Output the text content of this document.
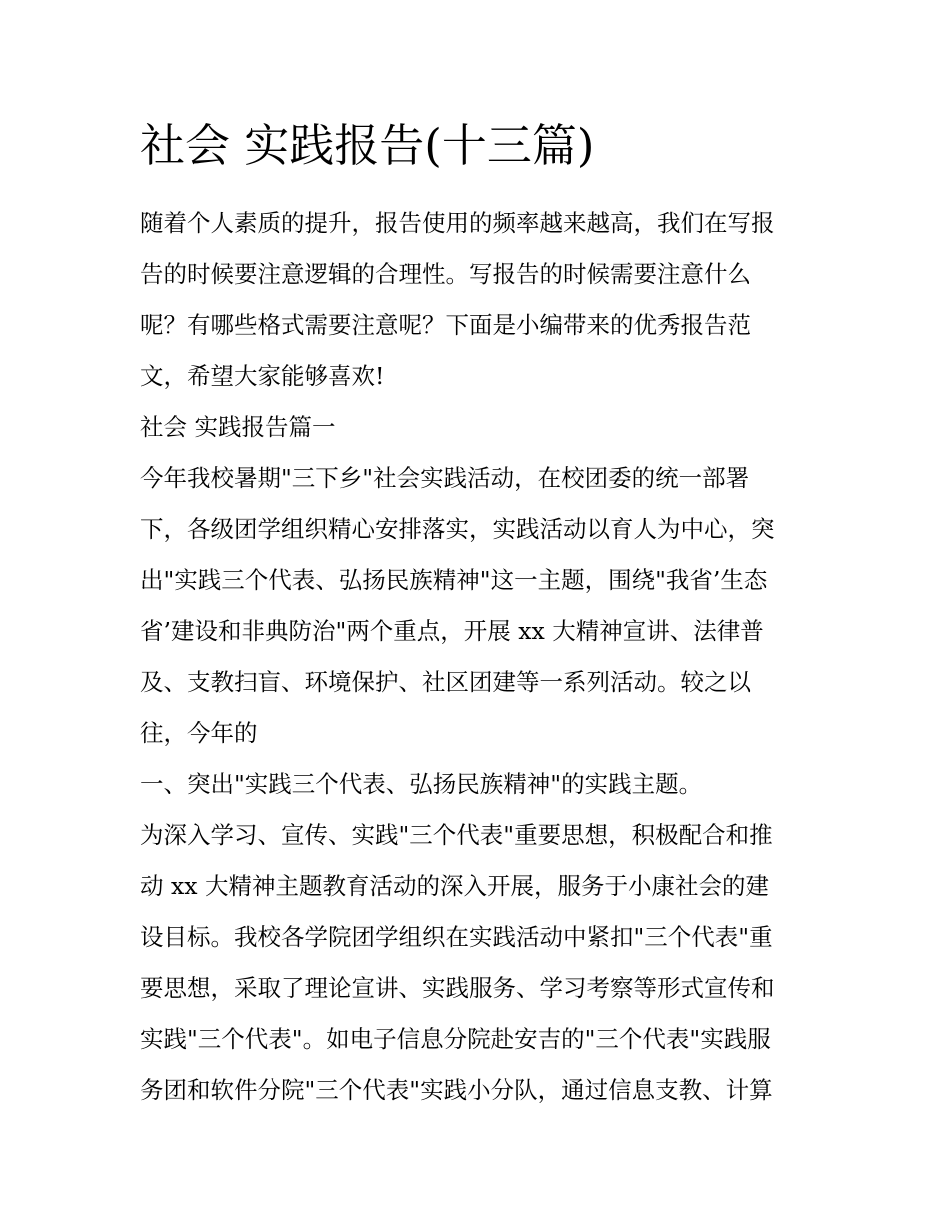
社会 实践报告(十三篇)

随着个人素质的提升，报告使用的频率越来越高，我们在写报

告的时候要注意逻辑的合理性。写报告的时候需要注意什么

呢？有哪些格式需要注意呢？下面是小编带来的优秀报告范

文，希望大家能够喜欢!

社会 实践报告篇一

今年我校暑期"三下乡"社会实践活动，在校团委的统一部署

下，各级团学组织精心安排落实，实践活动以育人为中心，突

出"实践三个代表、弘扬民族精神"这一主题，围绕"我省’生态

省’建设和非典防治"两个重点，开展 xx 大精神宣讲、法律普

及、支教扫盲、环境保护、社区团建等一系列活动。较之以

往，今年的

一、突出"实践三个代表、弘扬民族精神"的实践主题。

为深入学习、宣传、实践"三个代表"重要思想，积极配合和推

动 xx 大精神主题教育活动的深入开展，服务于小康社会的建

设目标。我校各学院团学组织在实践活动中紧扣"三个代表"重

要思想，采取了理论宣讲、实践服务、学习考察等形式宣传和

实践"三个代表"。如电子信息分院赴安吉的"三个代表"实践服

务团和软件分院"三个代表"实践小分队，通过信息支教、计算
